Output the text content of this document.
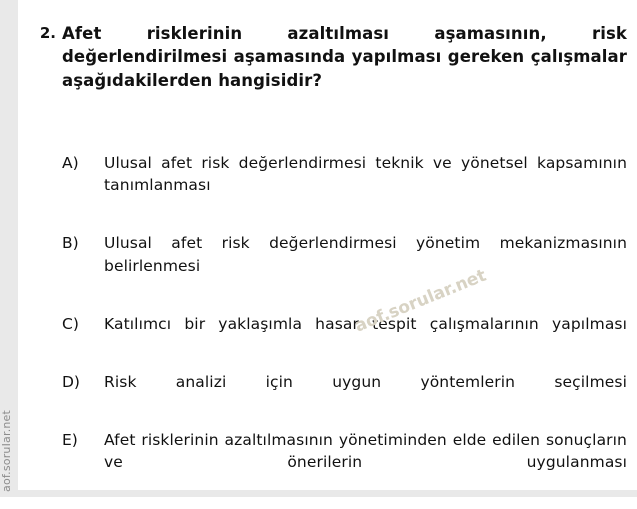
aof.soruIar.net
2. Afet risklerinin azaltılması aşamasının, risk değerlendirilmesi aşamasında yapılması gereken çalışmalar aşağıdakilerden hangisidir?
A)	Ulusal afet risk değerlendirmesi teknik ve yönetsel kapsamının tanımlanması
B)	Ulusal afet risk değerlendirmesi yönetim mekanizmasının belirlenmesi
C)	Katılımcı bir yaklaşımla hasar tespit çalışmalarının yapılması
D)	Risk analizi için uygun yöntemlerin seçilmesi
E)	Afet risklerinin azaltılmasının yönetiminden elde edilen sonuçların ve önerilerin uygulanması
aof.sorular.net
